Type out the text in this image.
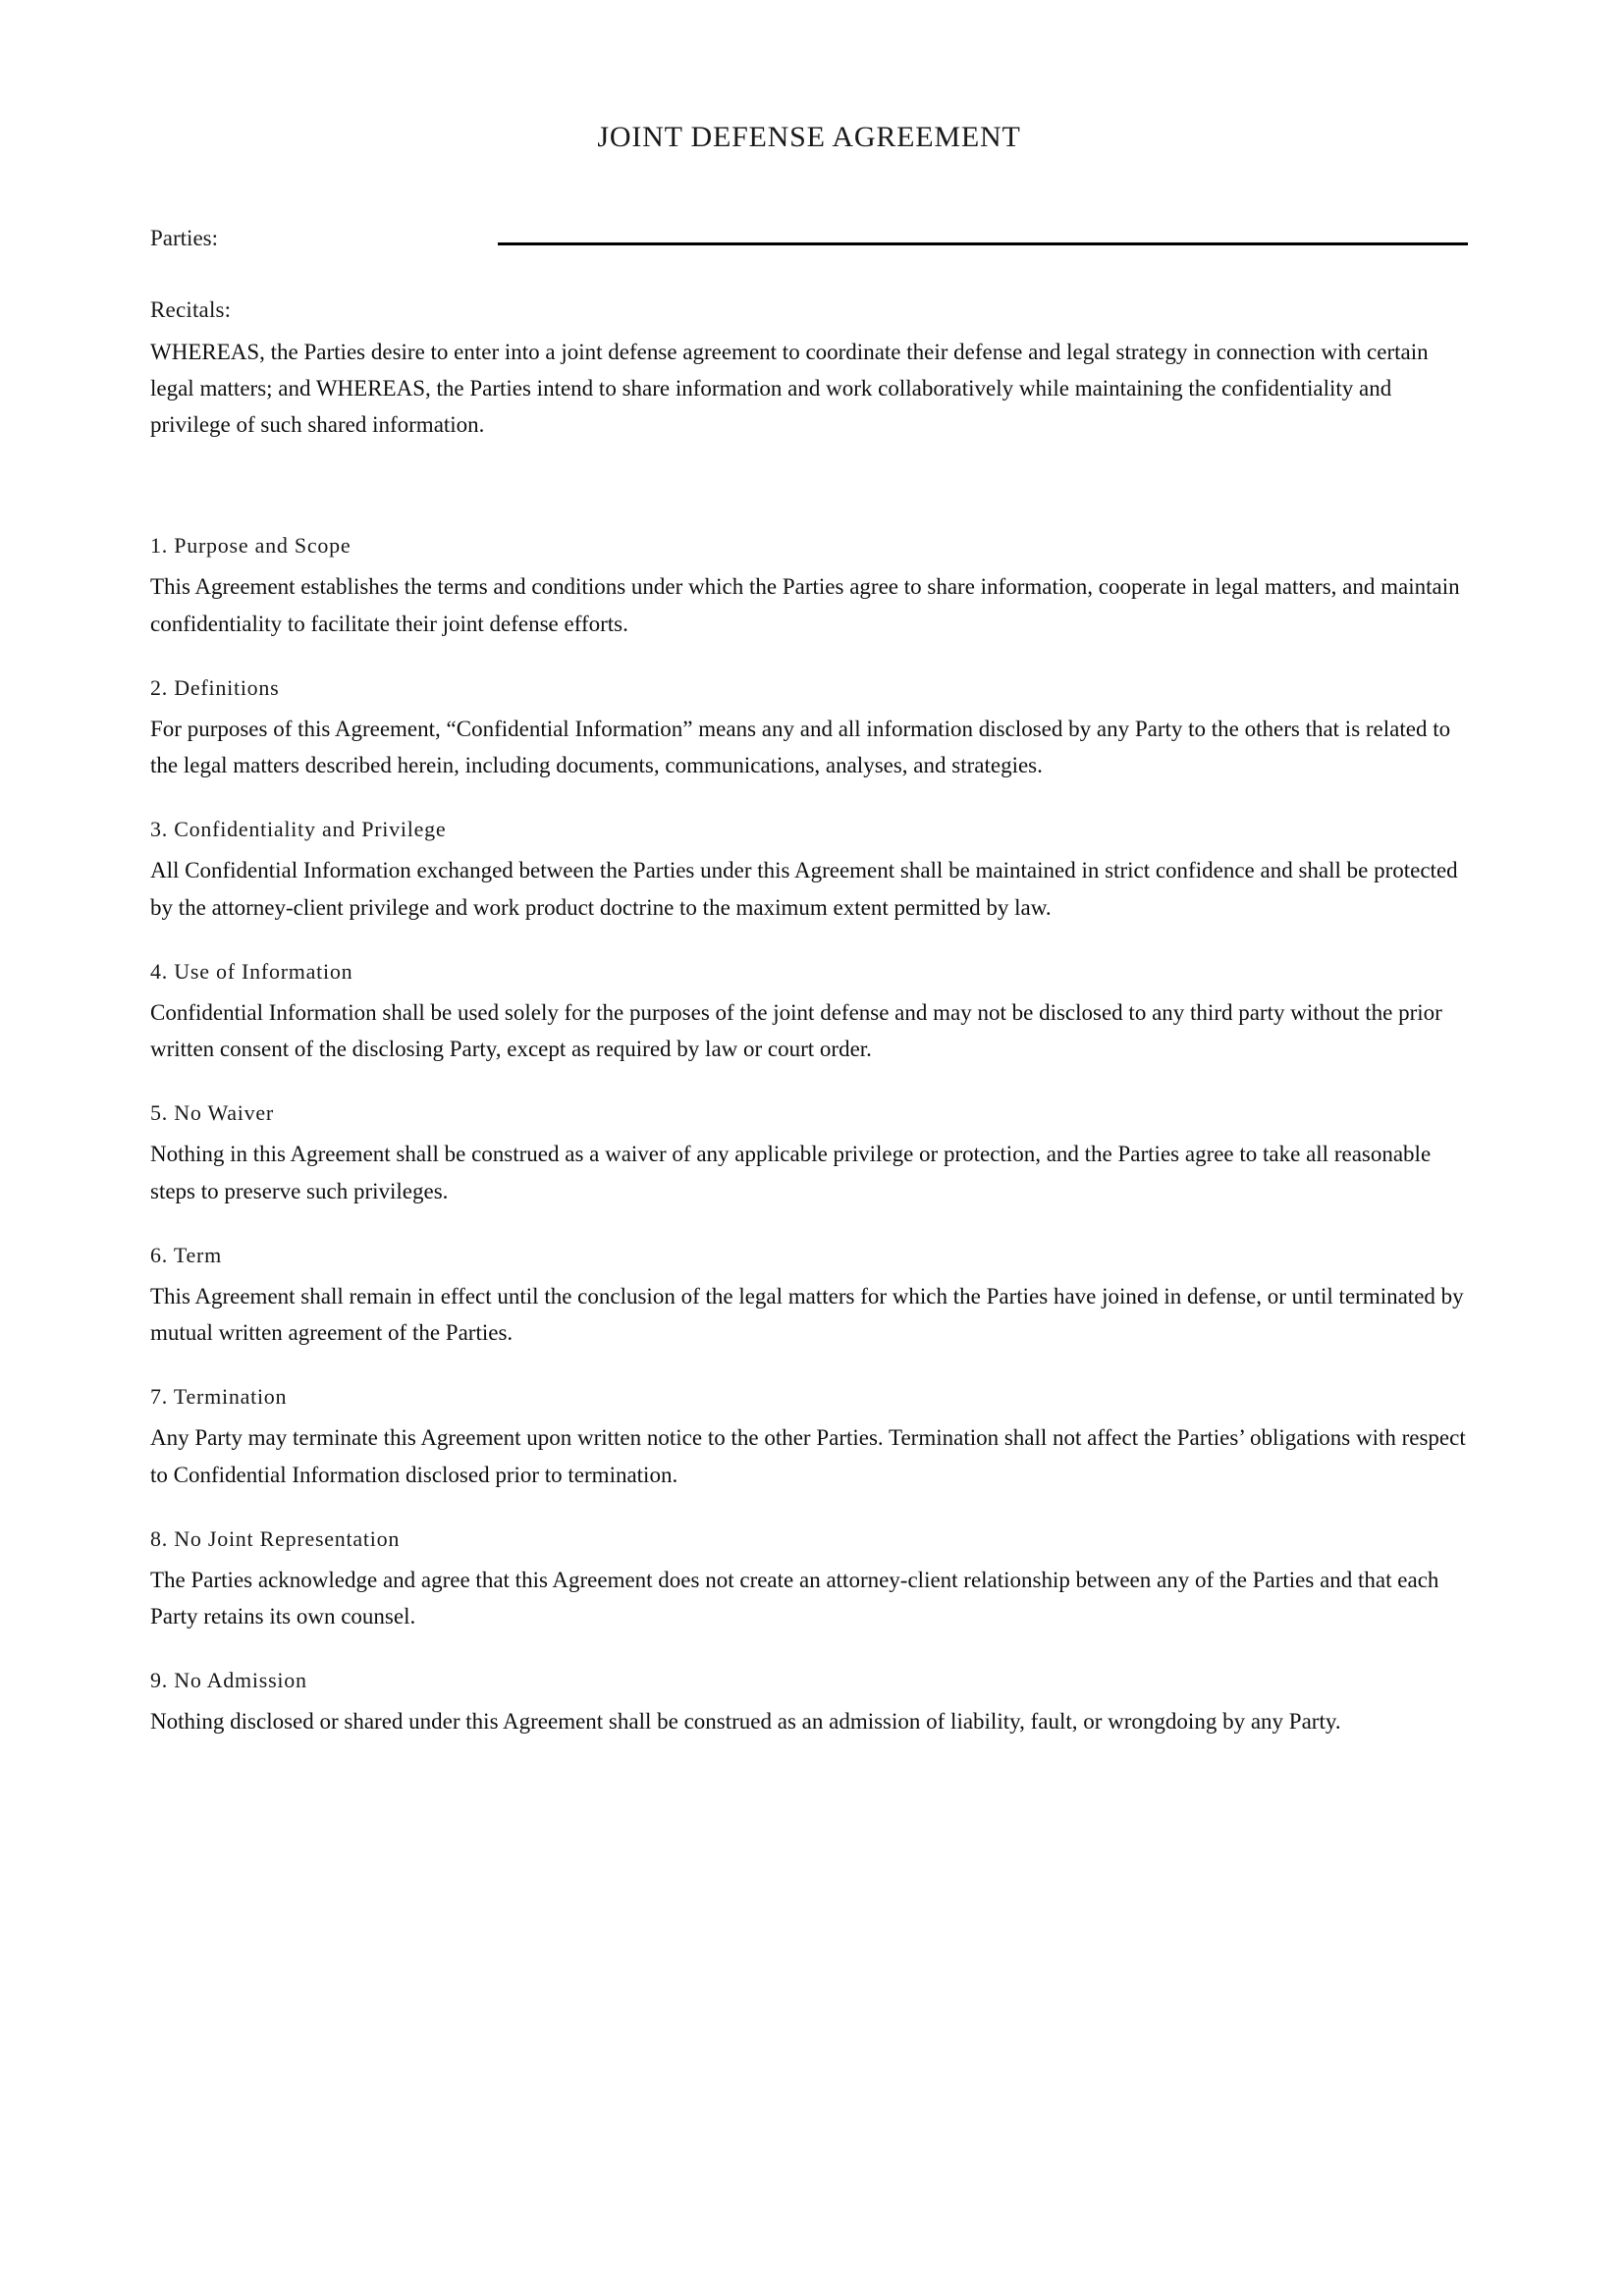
JOINT DEFENSE AGREEMENT
Parties:

Recitals:

WHEREAS, the Parties desire to enter into a joint defense agreement to coordinate their defense and legal strategy in connection with certain legal matters; and WHEREAS, the Parties intend to share information and work collaboratively while maintaining the confidentiality and privilege of such shared information.

1. Purpose and Scope

This Agreement establishes the terms and conditions under which the Parties agree to share information, cooperate in legal matters, and maintain confidentiality to facilitate their joint defense efforts.

2. Definitions

For purposes of this Agreement, “Confidential Information” means any and all information disclosed by any Party to the others that is related to the legal matters described herein, including documents, communications, analyses, and strategies.

3. Confidentiality and Privilege

All Confidential Information exchanged between the Parties under this Agreement shall be maintained in strict confidence and shall be protected by the attorney-client privilege and work product doctrine to the maximum extent permitted by law.

4. Use of Information

Confidential Information shall be used solely for the purposes of the joint defense and may not be disclosed to any third party without the prior written consent of the disclosing Party, except as required by law or court order.

5. No Waiver

Nothing in this Agreement shall be construed as a waiver of any applicable privilege or protection, and the Parties agree to take all reasonable steps to preserve such privileges.

6. Term

This Agreement shall remain in effect until the conclusion of the legal matters for which the Parties have joined in defense, or until terminated by mutual written agreement of the Parties.

7. Termination

Any Party may terminate this Agreement upon written notice to the other Parties. Termination shall not affect the Parties’ obligations with respect to Confidential Information disclosed prior to termination.

8. No Joint Representation

The Parties acknowledge and agree that this Agreement does not create an attorney-client relationship between any of the Parties and that each Party retains its own counsel.

9. No Admission

Nothing disclosed or shared under this Agreement shall be construed as an admission of liability, fault, or wrongdoing by any Party.
